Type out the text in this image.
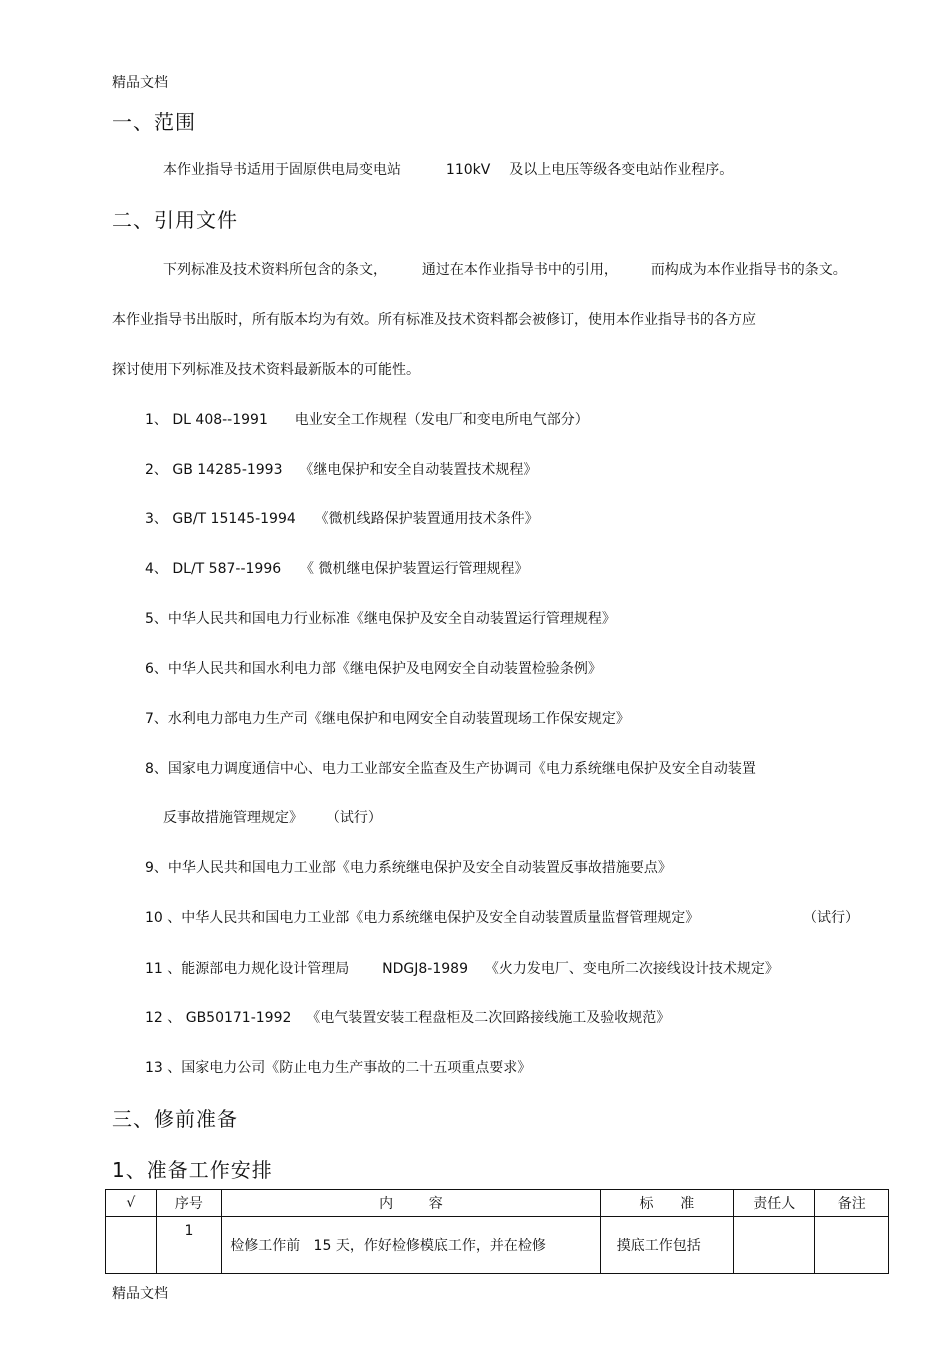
精品文档
一、范围
本作业指导书适用于固原供电局变电站	110kV 及以上电压等级各变电站作业程序。
二、引用文件
下列标准及技术资料所包含的条文， 通过在本作业指导书中的引用， 而构成为本作业指导书的条文。
本作业指导书出版时，所有版本均为有效。所有标准及技术资料都会被修订，使用本作业指导书的各方应
探讨使用下列标准及技术资料最新版本的可能性。
1、 DL 408--1991 电业安全工作规程（发电厂和变电所电气部分）
2、 GB 14285-1993 《继电保护和安全自动装置技术规程》
3、 GB/T 15145-1994 《微机线路保护装置通用技术条件》
4、 DL/T 587--1996 《 微机继电保护装置运行管理规程》
5、中华人民共和国电力行业标准《继电保护及安全自动装置运行管理规程》
6、中华人民共和国水利电力部《继电保护及电网安全自动装置检验条例》
7、水利电力部电力生产司《继电保护和电网安全自动装置现场工作保安规定》
8、国家电力调度通信中心、电力工业部安全监查及生产协调司《电力系统继电保护及安全自动装置
反事故措施管理规定》 （试行）
9、中华人民共和国电力工业部《电力系统继电保护及安全自动装置反事故措施要点》
10 、中华人民共和国电力工业部《电力系统继电保护及安全自动装置质量监督管理规定》	（试行）
11 、能源部电力规化设计管理局 NDGJ8-1989 《火力发电厂、变电所二次接线设计技术规定》
12 、 GB50171-1992 《电气装置安装工程盘柜及二次回路接线施工及验收规范》
13 、国家电力公司《防止电力生产事故的二十五项重点要求》
三、修前准备
1、准备工作安排
√	序号	内        容	标      准	责任人	备注
	1	检修工作前   15 天，作好检修模底工作，并在检修	摸底工作包括		
精品文档
